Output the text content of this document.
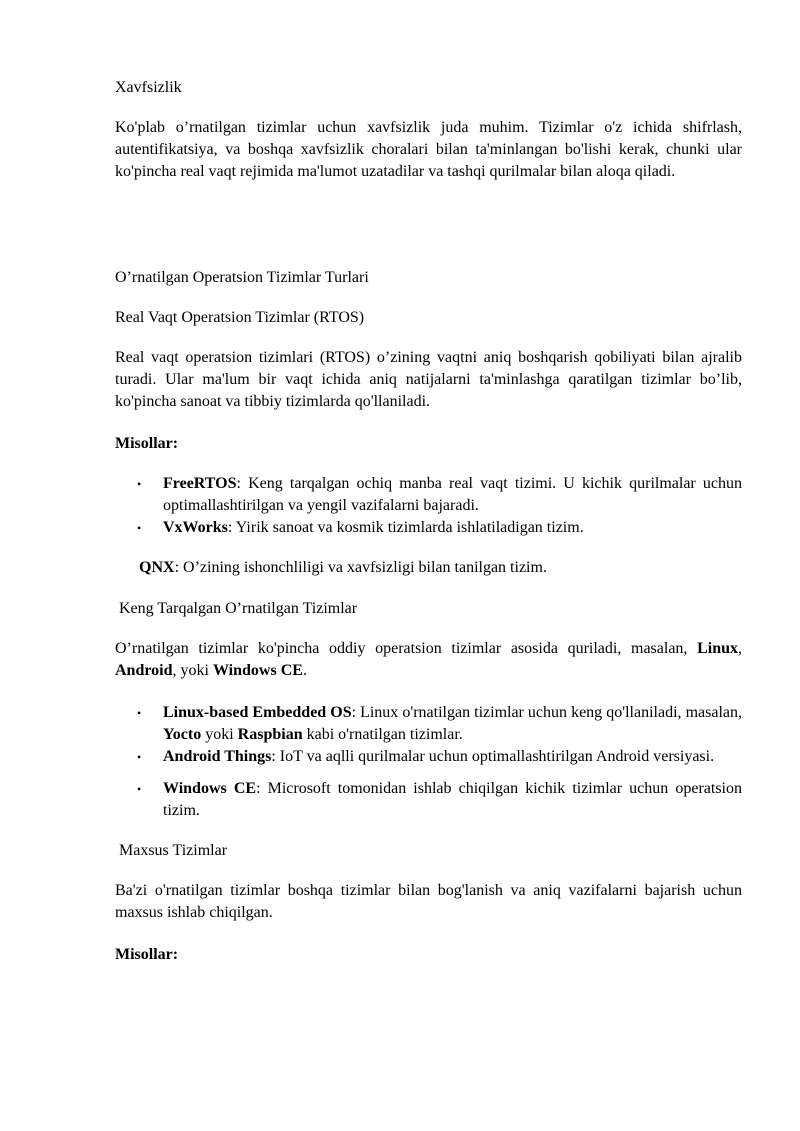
Xavfsizlik

Ko'plab o’rnatilgan tizimlar uchun xavfsizlik juda muhim. Tizimlar o'z ichida shifrlash, autentifikatsiya, va boshqa xavfsizlik choralari bilan ta'minlangan bo'lishi kerak, chunki ular ko'pincha real vaqt rejimida ma'lumot uzatadilar va tashqi qurilmalar bilan aloqa qiladi.

O’rnatilgan Operatsion Tizimlar Turlari

Real Vaqt Operatsion Tizimlar (RTOS)

Real vaqt operatsion tizimlari (RTOS) o’zining vaqtni aniq boshqarish qobiliyati bilan ajralib turadi. Ular ma'lum bir vaqt ichida aniq natijalarni ta'minlashga qaratilgan tizimlar bo’lib, ko'pincha sanoat va tibbiy tizimlarda qo'llaniladi.

Misollar:

• FreeRTOS: Keng tarqalgan ochiq manba real vaqt tizimi. U kichik qurilmalar uchun optimallashtirilgan va yengil vazifalarni bajaradi.
• VxWorks: Yirik sanoat va kosmik tizimlarda ishlatiladigan tizim.

QNX: O’zining ishonchliligi va xavfsizligi bilan tanilgan tizim.

Keng Tarqalgan O’rnatilgan Tizimlar

O’rnatilgan tizimlar ko'pincha oddiy operatsion tizimlar asosida quriladi, masalan, Linux, Android, yoki Windows CE.

• Linux-based Embedded OS: Linux o'rnatilgan tizimlar uchun keng qo'llaniladi, masalan, Yocto yoki Raspbian kabi o'rnatilgan tizimlar.
• Android Things: IoT va aqlli qurilmalar uchun optimallashtirilgan Android versiyasi.
• Windows CE: Microsoft tomonidan ishlab chiqilgan kichik tizimlar uchun operatsion tizim.

Maxsus Tizimlar

Ba'zi o'rnatilgan tizimlar boshqa tizimlar bilan bog'lanish va aniq vazifalarni bajarish uchun maxsus ishlab chiqilgan.

Misollar:
